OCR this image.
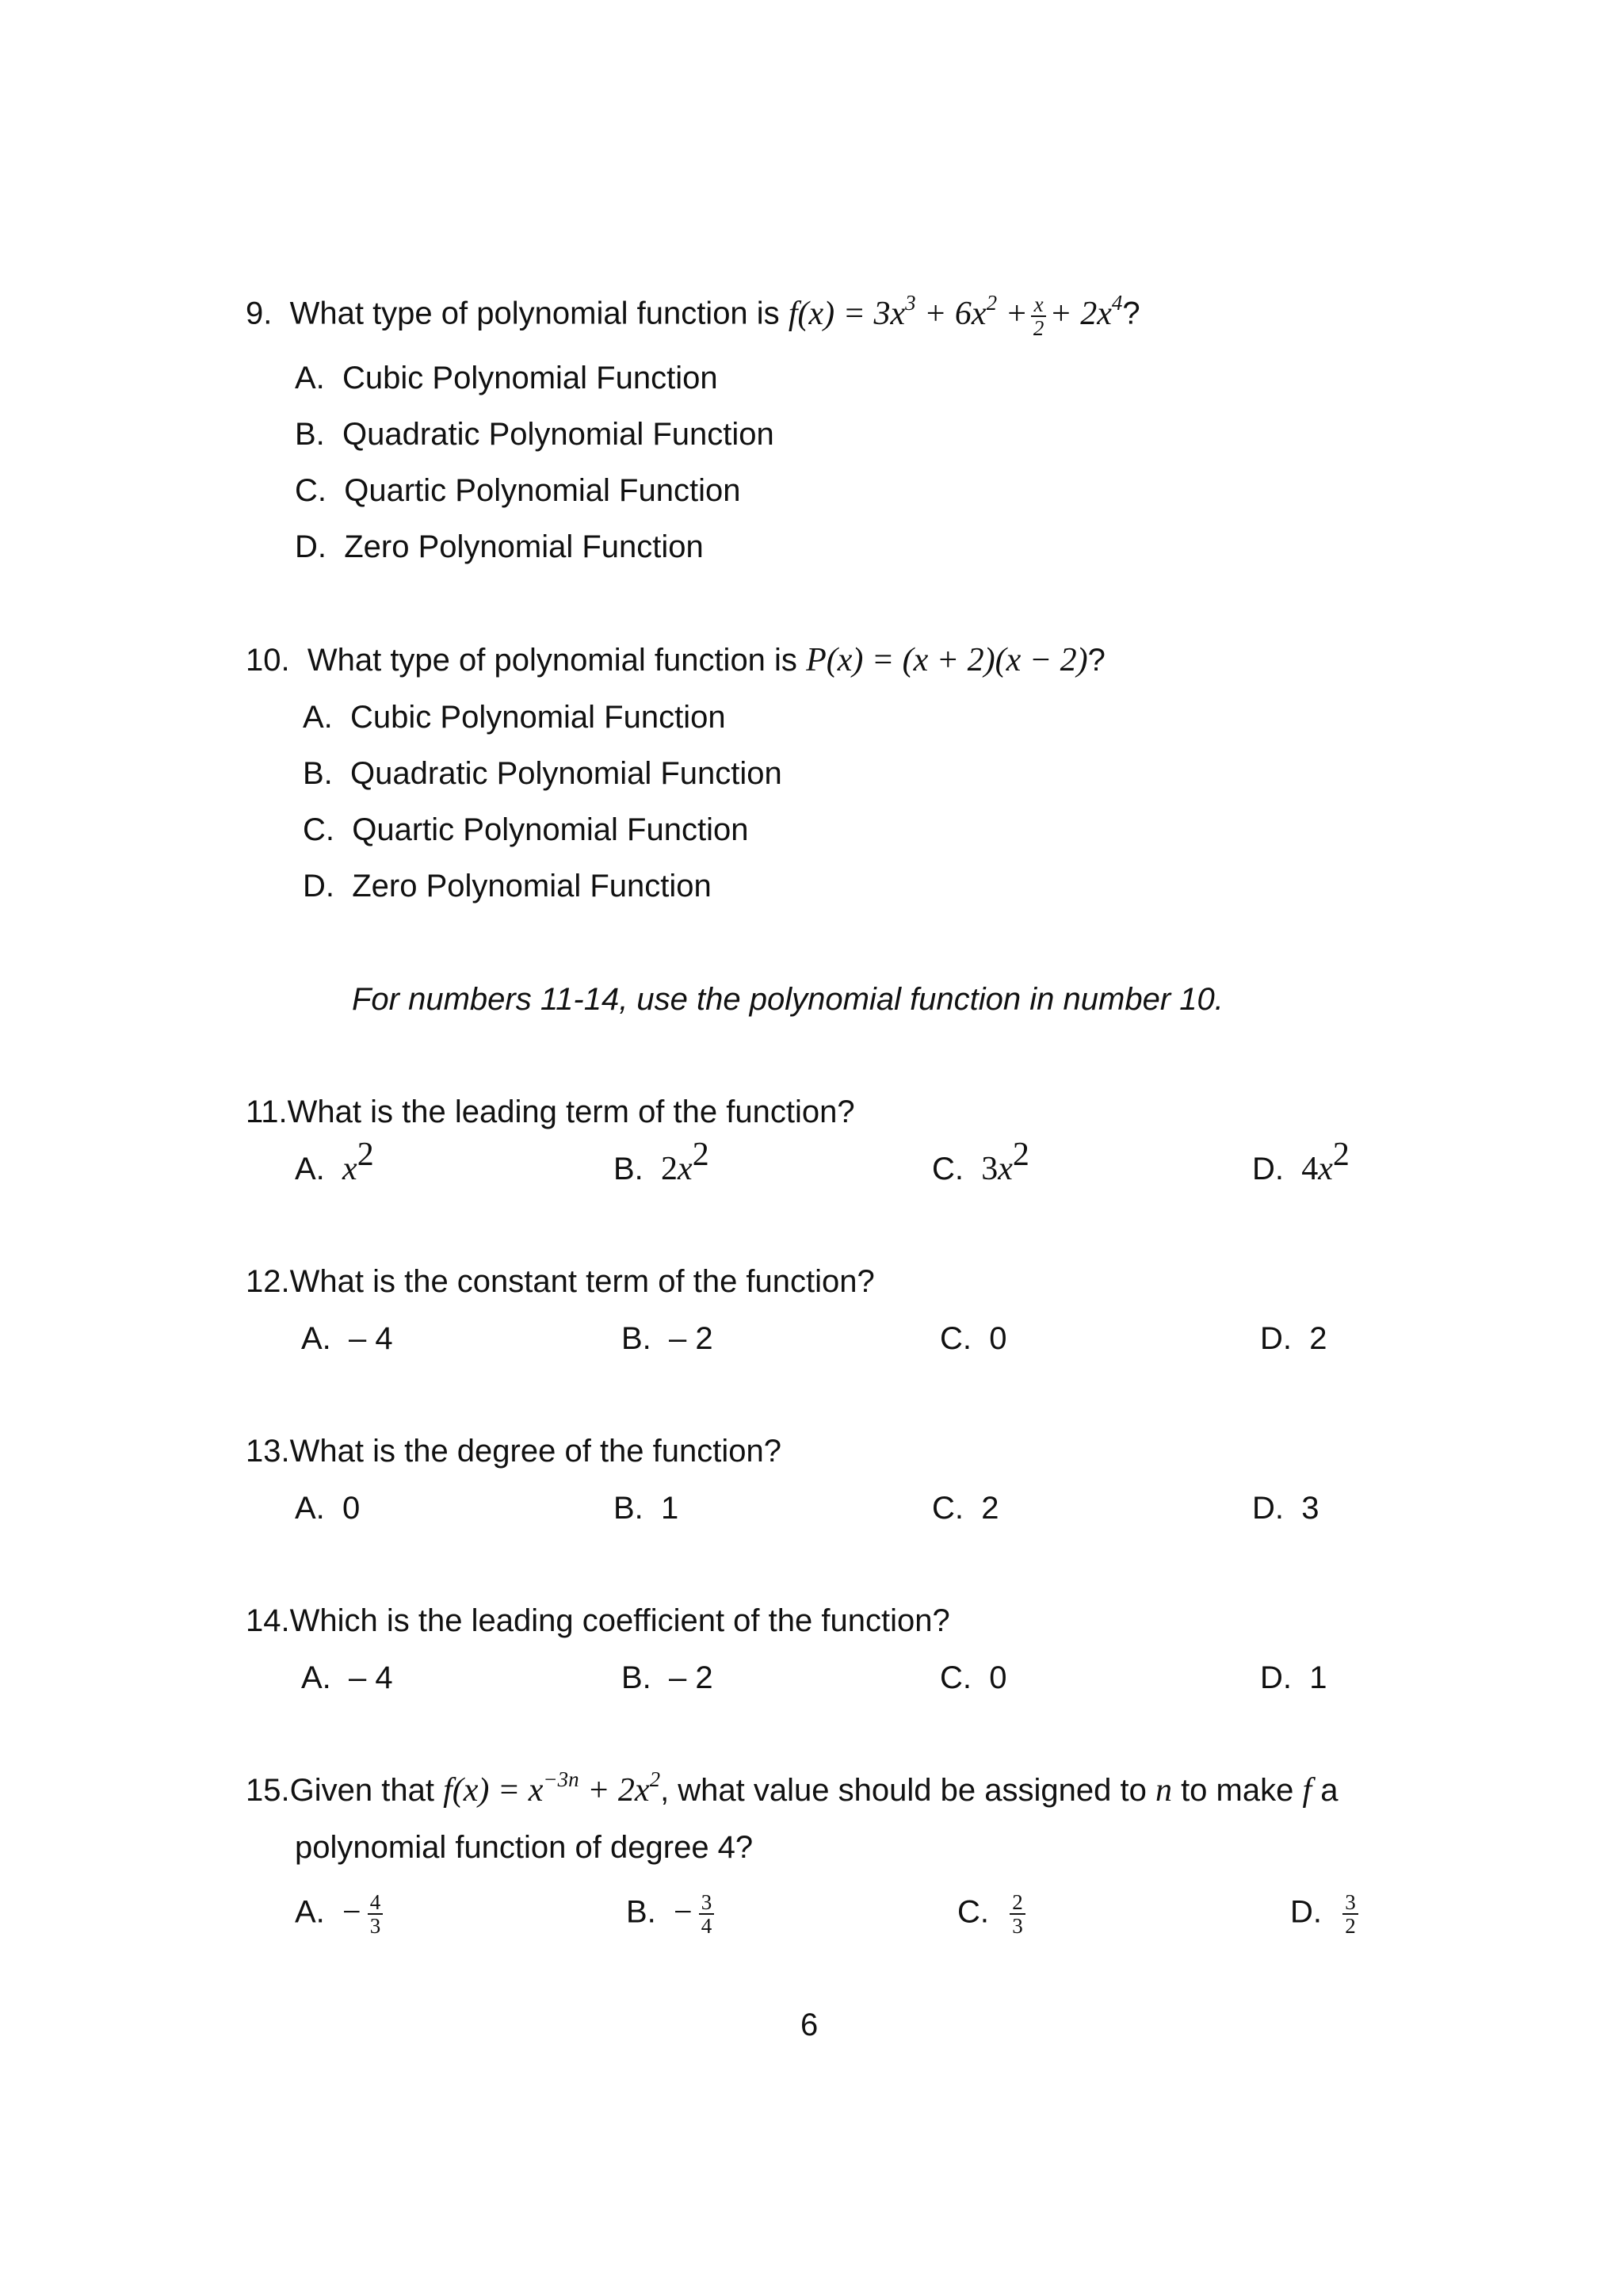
9. What type of polynomial function is $f(x) = 3x^3 + 6x^2 + \frac{x}{2} + 2x^4$?
A. Cubic Polynomial Function
B. Quadratic Polynomial Function
C. Quartic Polynomial Function
D. Zero Polynomial Function
10. What type of polynomial function is P(x) = (x + 2)(x − 2)?
A. Cubic Polynomial Function
B. Quadratic Polynomial Function
C. Quartic Polynomial Function
D. Zero Polynomial Function
For numbers 11-14, use the polynomial function in number 10.
11.What is the leading term of the function?
A. $x^2$	B. $2x^2$	C. $3x^2$	D. $4x^2$
12.What is the constant term of the function?
A. – 4	B. – 2	C. 0	D. 2
13.What is the degree of the function?
A. 0	B. 1	C. 2	D. 3
14.Which is the leading coefficient of the function?
A. – 4	B. – 2	C. 0	D. 1
15.Given that $f(x) = x^{-3n} + 2x^2$, what value should be assigned to n to make f a
polynomial function of degree 4?
A. − $\frac{4}{3}$	B. − $\frac{3}{4}$	C. $\frac{2}{3}$	D. $\frac{3}{2}$
6
